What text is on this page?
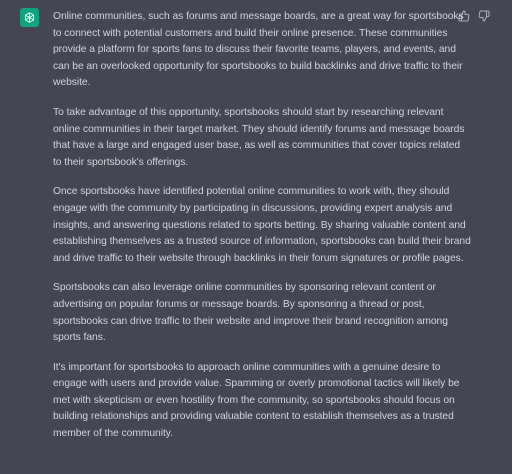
Online communities, such as forums and message boards, are a great way for sportsbooks to connect with potential customers and build their online presence. These communities provide a platform for sports fans to discuss their favorite teams, players, and events, and can be an overlooked opportunity for sportsbooks to build backlinks and drive traffic to their website.

To take advantage of this opportunity, sportsbooks should start by researching relevant online communities in their target market. They should identify forums and message boards that have a large and engaged user base, as well as communities that cover topics related to their sportsbook's offerings.

Once sportsbooks have identified potential online communities to work with, they should engage with the community by participating in discussions, providing expert analysis and insights, and answering questions related to sports betting. By sharing valuable content and establishing themselves as a trusted source of information, sportsbooks can build their brand and drive traffic to their website through backlinks in their forum signatures or profile pages.

Sportsbooks can also leverage online communities by sponsoring relevant content or advertising on popular forums or message boards. By sponsoring a thread or post, sportsbooks can drive traffic to their website and improve their brand recognition among sports fans.

It's important for sportsbooks to approach online communities with a genuine desire to engage with users and provide value. Spamming or overly promotional tactics will likely be met with skepticism or even hostility from the community, so sportsbooks should focus on building relationships and providing valuable content to establish themselves as a trusted member of the community.
